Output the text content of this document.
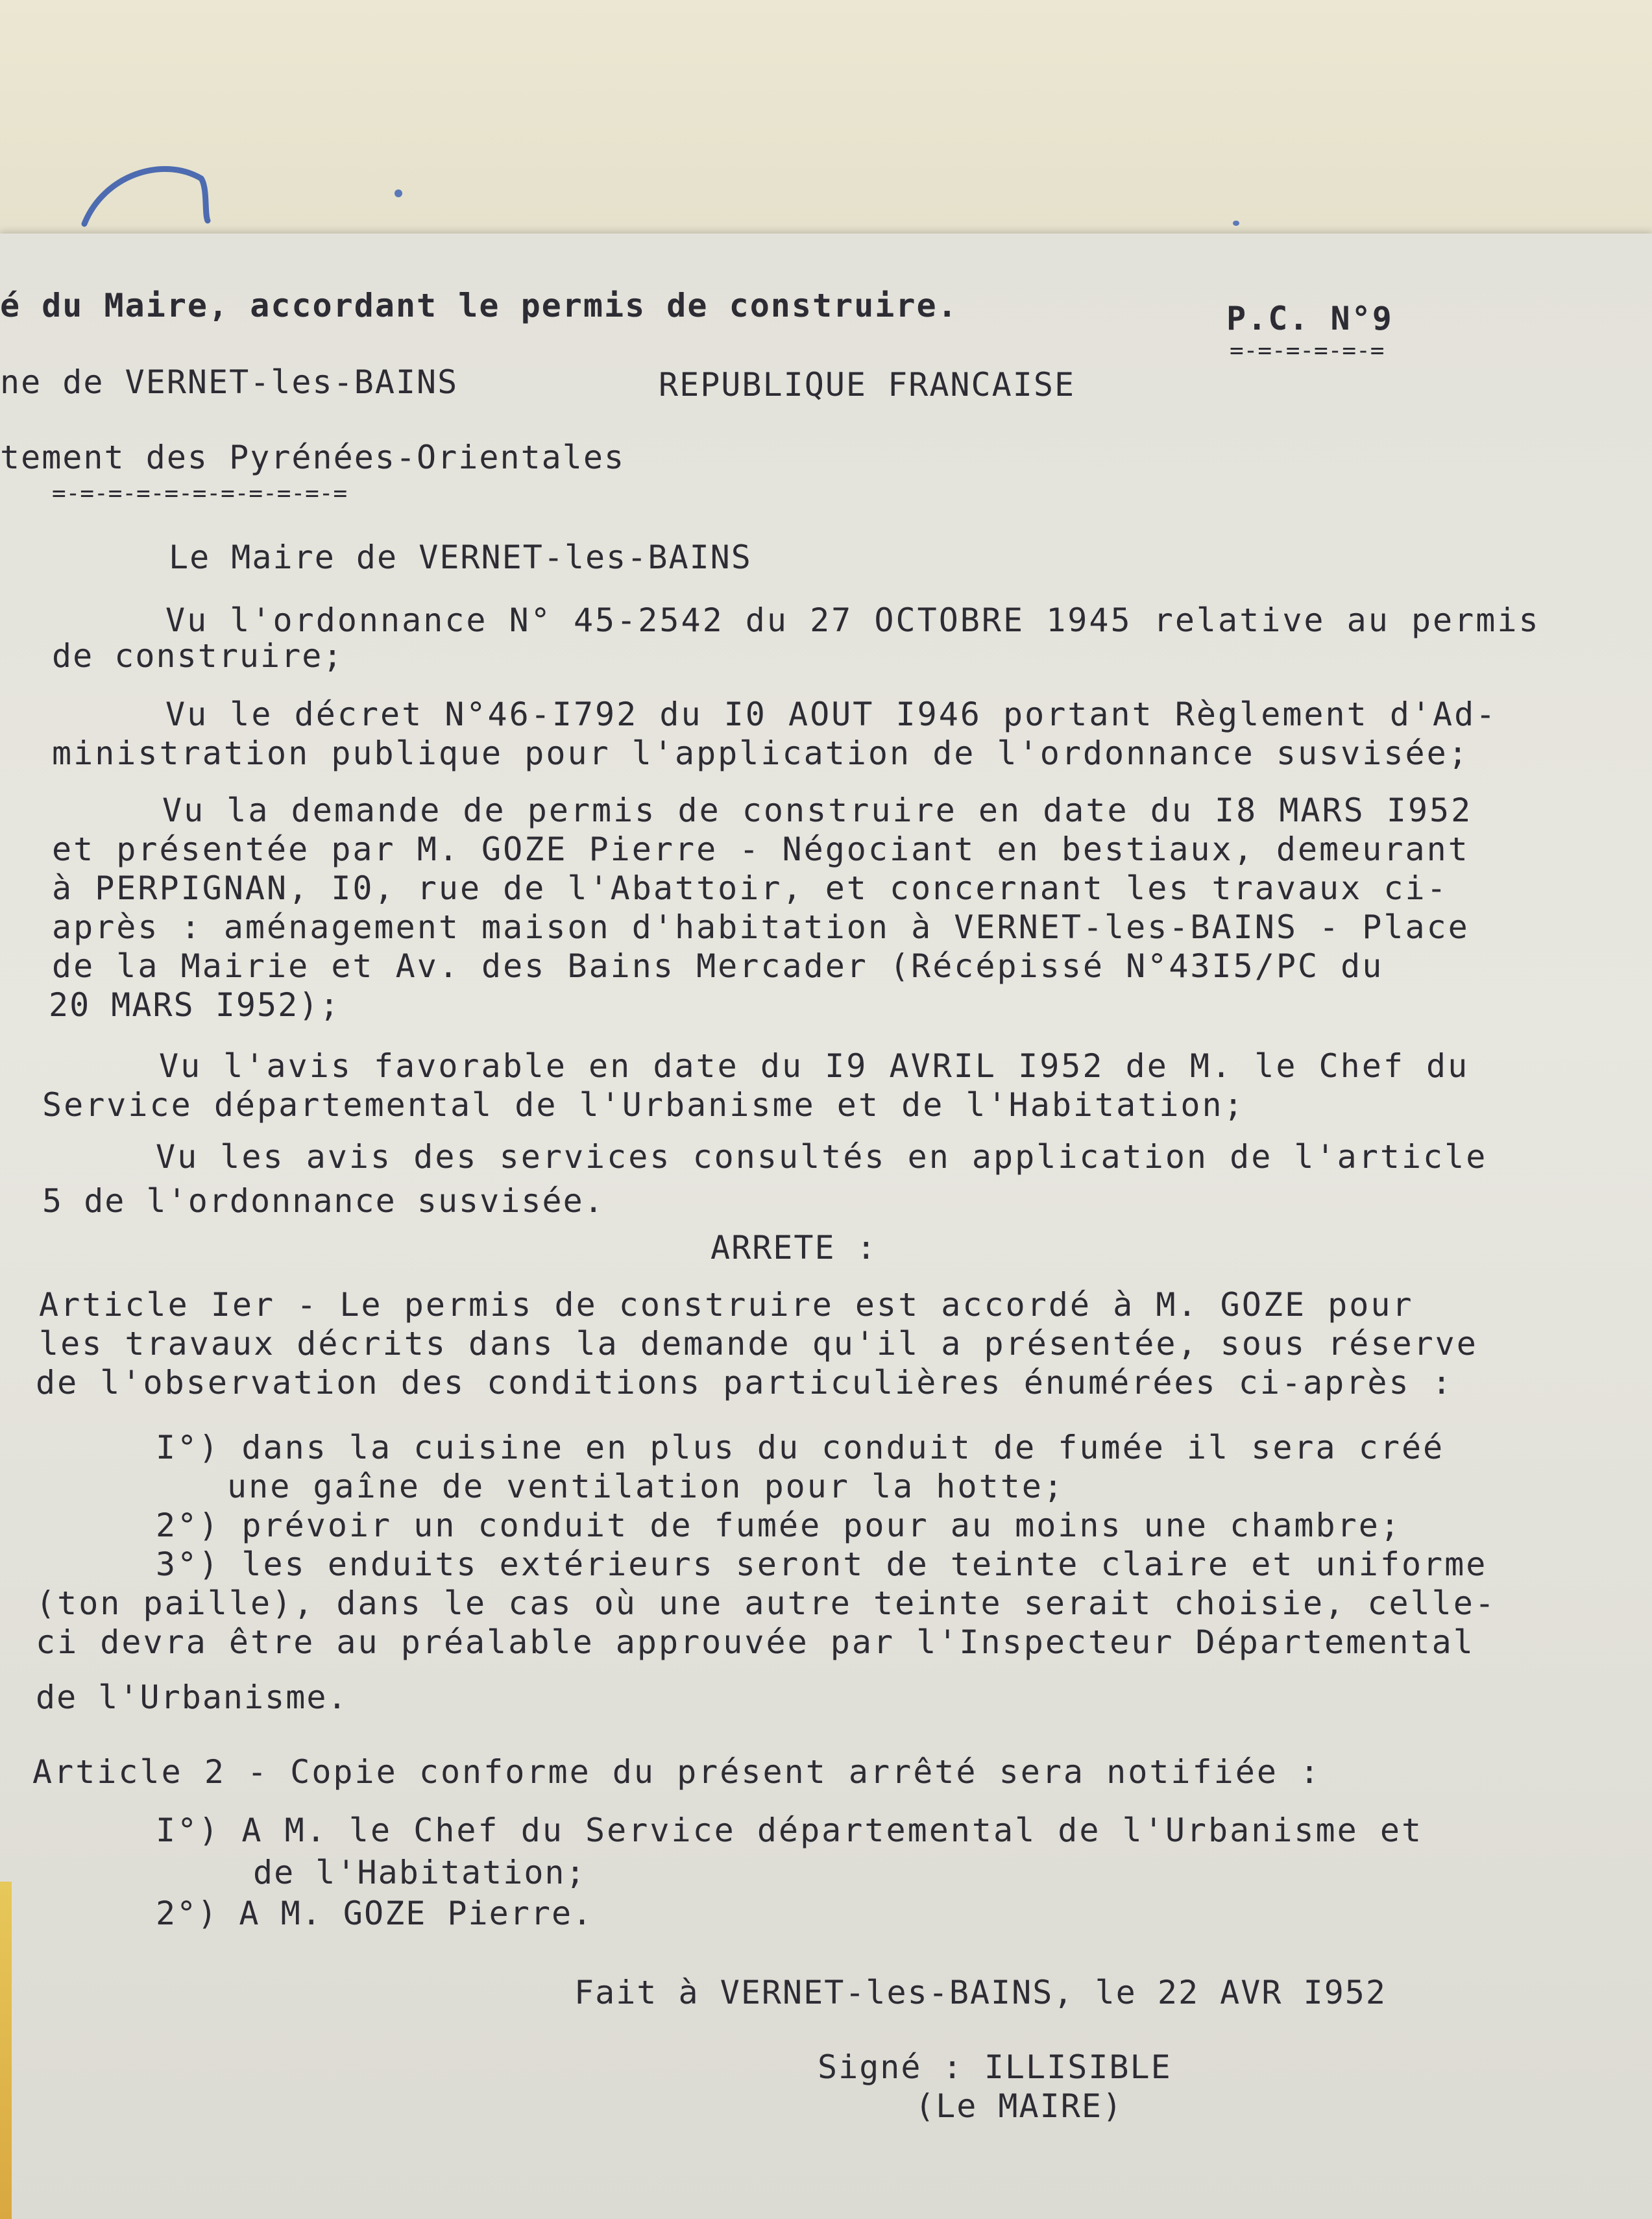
é du Maire, accordant le permis de construire.	P.C. N°9
=-=-=-=-=-=
ne de VERNET-les-BAINS	REPUBLIQUE FRANCAISE
tement des Pyrénées-Orientales
=-=-=-=-=-=-=-=-=-=-=
Le Maire de VERNET-les-BAINS
Vu l'ordonnance N° 45-2542 du 27 OCTOBRE 1945 relative au permis
de construire;
Vu le décret N°46-I792 du I0 AOUT I946 portant Règlement d'Ad-
ministration publique pour l'application de l'ordonnance susvisée;
Vu la demande de permis de construire en date du I8 MARS I952
et présentée par M. GOZE Pierre - Négociant en bestiaux, demeurant
à PERPIGNAN, I0, rue de l'Abattoir, et concernant les travaux ci-
après : aménagement maison d'habitation à VERNET-les-BAINS - Place
de la Mairie et Av. des Bains Mercader (Récépissé N°43I5/PC du
20 MARS I952);
Vu l'avis favorable en date du I9 AVRIL I952 de M. le Chef du
Service départemental de l'Urbanisme et de l'Habitation;
Vu les avis des services consultés en application de l'article
5 de l'ordonnance susvisée.
ARRETE :
Article Ier - Le permis de construire est accordé à M. GOZE pour
les travaux décrits dans la demande qu'il a présentée, sous réserve
de l'observation des conditions particulières énumérées ci-après :
I°) dans la cuisine en plus du conduit de fumée il sera créé
une gaîne de ventilation pour la hotte;
2°) prévoir un conduit de fumée pour au moins une chambre;
3°) les enduits extérieurs seront de teinte claire et uniforme
(ton paille), dans le cas où une autre teinte serait choisie, celle-
ci devra être au préalable approuvée par l'Inspecteur Départemental
de l'Urbanisme.
Article 2 - Copie conforme du présent arrêté sera notifiée :
I°) A M. le Chef du Service départemental de l'Urbanisme et
de l'Habitation;
2°) A M. GOZE Pierre.
Fait à VERNET-les-BAINS, le 22 AVR I952
Signé : ILLISIBLE
(Le MAIRE)
